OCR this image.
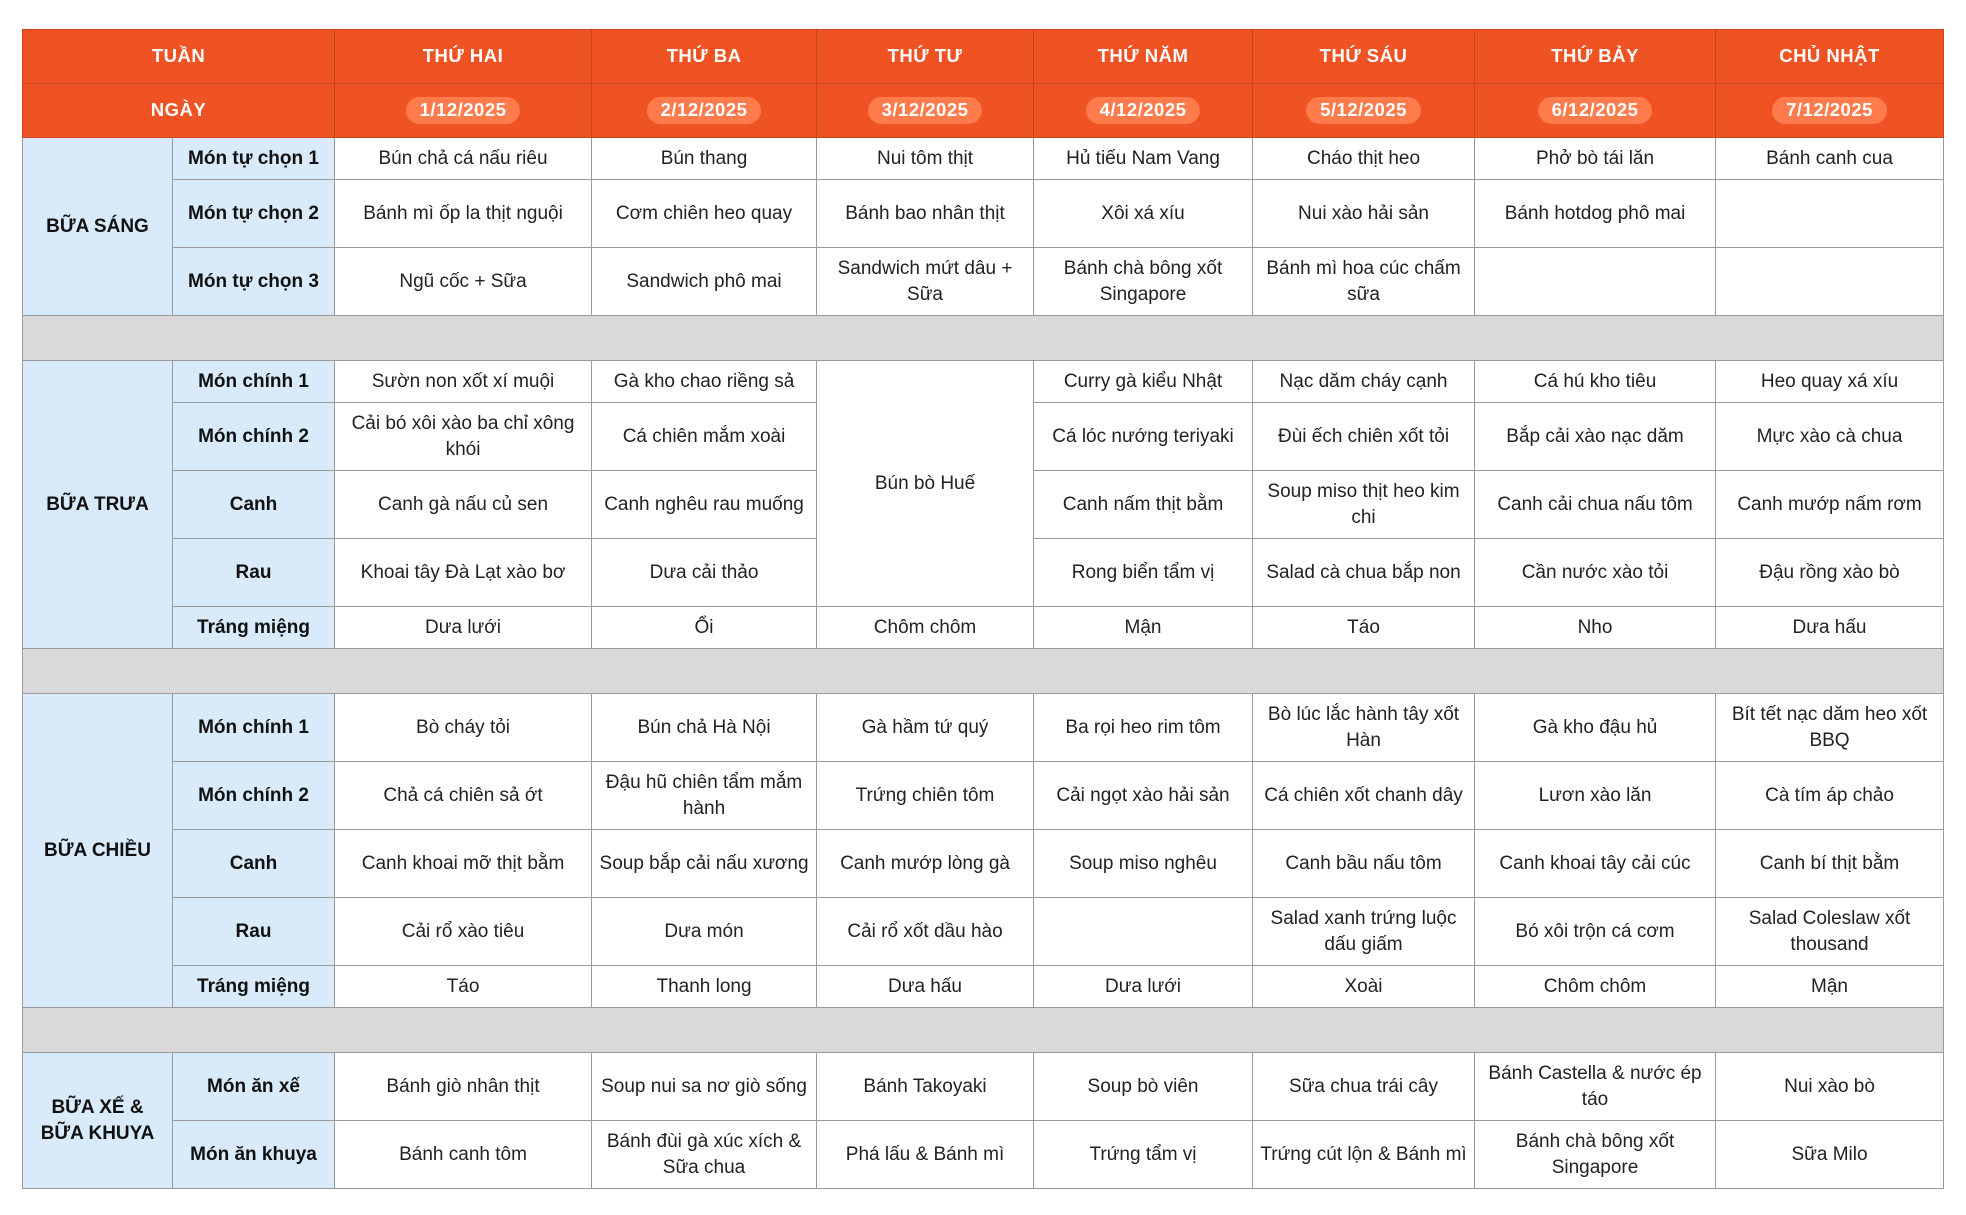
TUẦN		THỨ HAI	THỨ BA	THỨ TƯ	THỨ NĂM	THỨ SÁU	THỨ BẢY	CHỦ NHẬT
NGÀY		1/12/2025	2/12/2025	3/12/2025	4/12/2025	5/12/2025	6/12/2025	7/12/2025
BỮA SÁNG	Món tự chọn 1	Bún chả cá nấu riêu	Bún thang	Nui tôm thịt	Hủ tiếu Nam Vang	Cháo thịt heo	Phở bò tái lăn	Bánh canh cua
	Món tự chọn 2	Bánh mì ốp la thịt nguội	Cơm chiên heo quay	Bánh bao nhân thịt	Xôi xá xíu	Nui xào hải sản	Bánh hotdog phô mai	
	Món tự chọn 3	Ngũ cốc + Sữa	Sandwich phô mai	Sandwich mứt dâu + Sữa	Bánh chà bông xốt Singapore	Bánh mì hoa cúc chấm sữa		

BỮA TRƯA	Món chính 1	Sườn non xốt xí muội	Gà kho chao riềng sả	Bún bò Huế	Curry gà kiểu Nhật	Nạc dăm cháy cạnh	Cá hú kho tiêu	Heo quay xá xíu
	Món chính 2	Cải bó xôi xào ba chỉ xông khói	Cá chiên mắm xoài		Cá lóc nướng teriyaki	Đùi ếch chiên xốt tỏi	Bắp cải xào nạc dăm	Mực xào cà chua
	Canh	Canh gà nấu củ sen	Canh nghêu rau muống		Canh nấm thịt bằm	Soup miso thịt heo kim chi	Canh cải chua nấu tôm	Canh mướp nấm rơm
	Rau	Khoai tây Đà Lạt xào bơ	Dưa cải thảo		Rong biển tẩm vị	Salad cà chua bắp non	Cần nước xào tỏi	Đậu rồng xào bò
	Tráng miệng	Dưa lưới	Ổi	Chôm chôm	Mận	Táo	Nho	Dưa hấu

BỮA CHIỀU	Món chính 1	Bò cháy tỏi	Bún chả Hà Nội	Gà hầm tứ quý	Ba rọi heo rim tôm	Bò lúc lắc hành tây xốt Hàn	Gà kho đậu hủ	Bít tết nạc dăm heo xốt BBQ
	Món chính 2	Chả cá chiên sả ớt	Đậu hũ chiên tẩm mắm hành	Trứng chiên tôm	Cải ngọt xào hải sản	Cá chiên xốt chanh dây	Lươn xào lăn	Cà tím áp chảo
	Canh	Canh khoai mỡ thịt bằm	Soup bắp cải nấu xương	Canh mướp lòng gà	Soup miso nghêu	Canh bầu nấu tôm	Canh khoai tây cải cúc	Canh bí thịt bằm
	Rau	Cải rổ xào tiêu	Dưa món	Cải rổ xốt dầu hào		Salad xanh trứng luộc dấu giấm	Bó xôi trộn cá cơm	Salad Coleslaw xốt thousand
	Tráng miệng	Táo	Thanh long	Dưa hấu	Dưa lưới	Xoài	Chôm chôm	Mận

BỮA XẾ & BỮA KHUYA	Món ăn xế	Bánh giò nhân thịt	Soup nui sa nơ giò sống	Bánh Takoyaki	Soup bò viên	Sữa chua trái cây	Bánh Castella & nước ép táo	Nui xào bò
	Món ăn khuya	Bánh canh tôm	Bánh đùi gà xúc xích & Sữa chua	Phá lấu & Bánh mì	Trứng tẩm vị	Trứng cút lộn & Bánh mì	Bánh chà bông xốt Singapore	Sữa Milo
